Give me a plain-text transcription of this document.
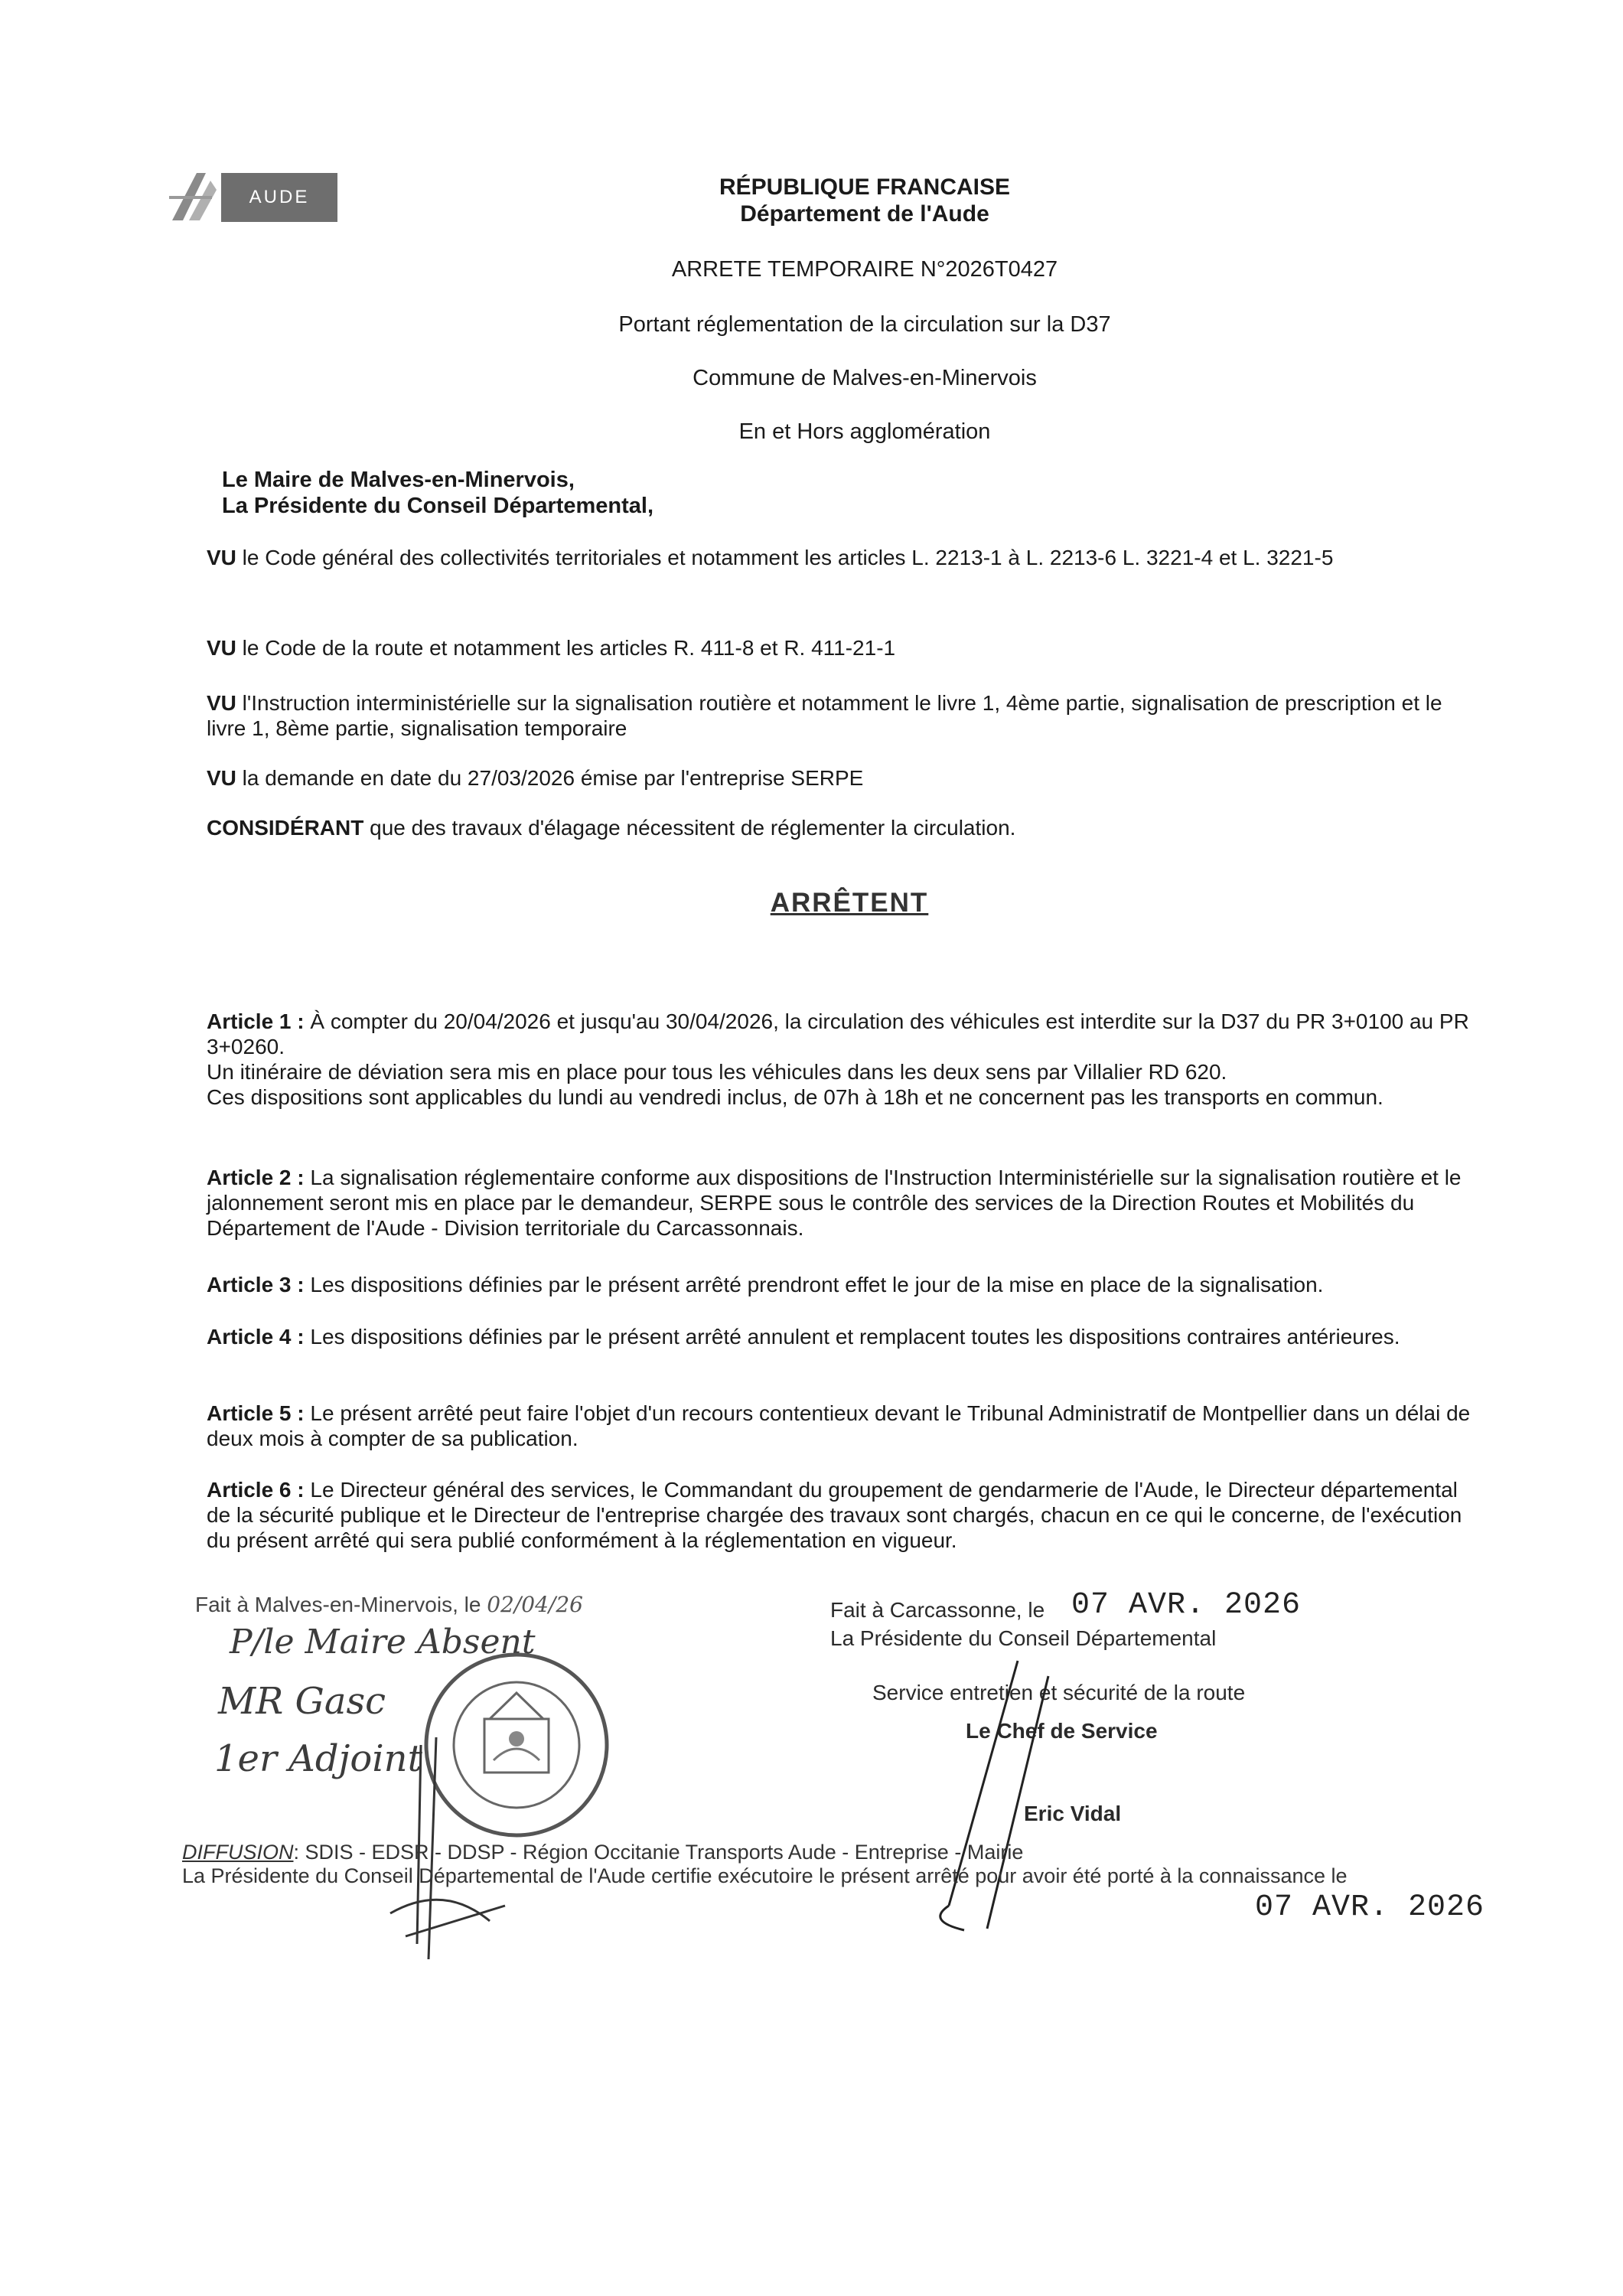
AUDE	RÉPUBLIQUE FRANCAISE
Département de l'Aude
ARRETE TEMPORAIRE N°2026T0427
Portant réglementation de la circulation sur la D37
Commune de Malves-en-Minervois
En et Hors agglomération
Le Maire de Malves-en-Minervois,
La Présidente du Conseil Départemental,
VU le Code général des collectivités territoriales et notamment les articles L. 2213-1 à L. 2213-6 L. 3221-4 et L. 3221-5
VU le Code de la route et notamment les articles R. 411-8 et R. 411-21-1
VU l'Instruction interministérielle sur la signalisation routière et notamment le livre 1, 4ème partie, signalisation de prescription et le livre 1, 8ème partie, signalisation temporaire
VU la demande en date du 27/03/2026 émise par l'entreprise SERPE
CONSIDÉRANT que des travaux d'élagage nécessitent de réglementer la circulation.
ARRÊTENT
Article 1 : À compter du 20/04/2026 et jusqu'au 30/04/2026, la circulation des véhicules est interdite sur la D37 du PR 3+0100 au PR 3+0260.
Un itinéraire de déviation sera mis en place pour tous les véhicules dans les deux sens par Villalier RD 620.
Ces dispositions sont applicables du lundi au vendredi inclus, de 07h à 18h et ne concernent pas les transports en commun.
Article 2 : La signalisation réglementaire conforme aux dispositions de l'Instruction Interministérielle sur la signalisation routière et le jalonnement seront mis en place par le demandeur, SERPE sous le contrôle des services de la Direction Routes et Mobilités du Département de l'Aude - Division territoriale du Carcassonnais.
Article 3 : Les dispositions définies par le présent arrêté prendront effet le jour de la mise en place de la signalisation.
Article 4 : Les dispositions définies par le présent arrêté annulent et remplacent toutes les dispositions contraires antérieures.
Article 5 : Le présent arrêté peut faire l'objet d'un recours contentieux devant le Tribunal Administratif de Montpellier dans un délai de deux mois à compter de sa publication.
Article 6 : Le Directeur général des services, le Commandant du groupement de gendarmerie de l'Aude, le Directeur départemental de la sécurité publique et le Directeur de l'entreprise chargée des travaux sont chargés, chacun en ce qui le concerne, de l'exécution du présent arrêté qui sera publié conformément à la réglementation en vigueur.
Fait à Malves-en-Minervois, le 02/04/26
P/le Maire Absent
MR Gasc
1er Adjoint
Fait à Carcassonne, le 07 AVR. 2026
La Présidente du Conseil Départemental
Service entretien et sécurité de la route
Le Chef de Service
Eric Vidal
DIFFUSION: SDIS - EDSR - DDSP - Région Occitanie Transports Aude - Entreprise - Mairie
La Présidente du Conseil Départemental de l'Aude certifie exécutoire le présent arrêté pour avoir été porté à la connaissance le
07 AVR. 2026
